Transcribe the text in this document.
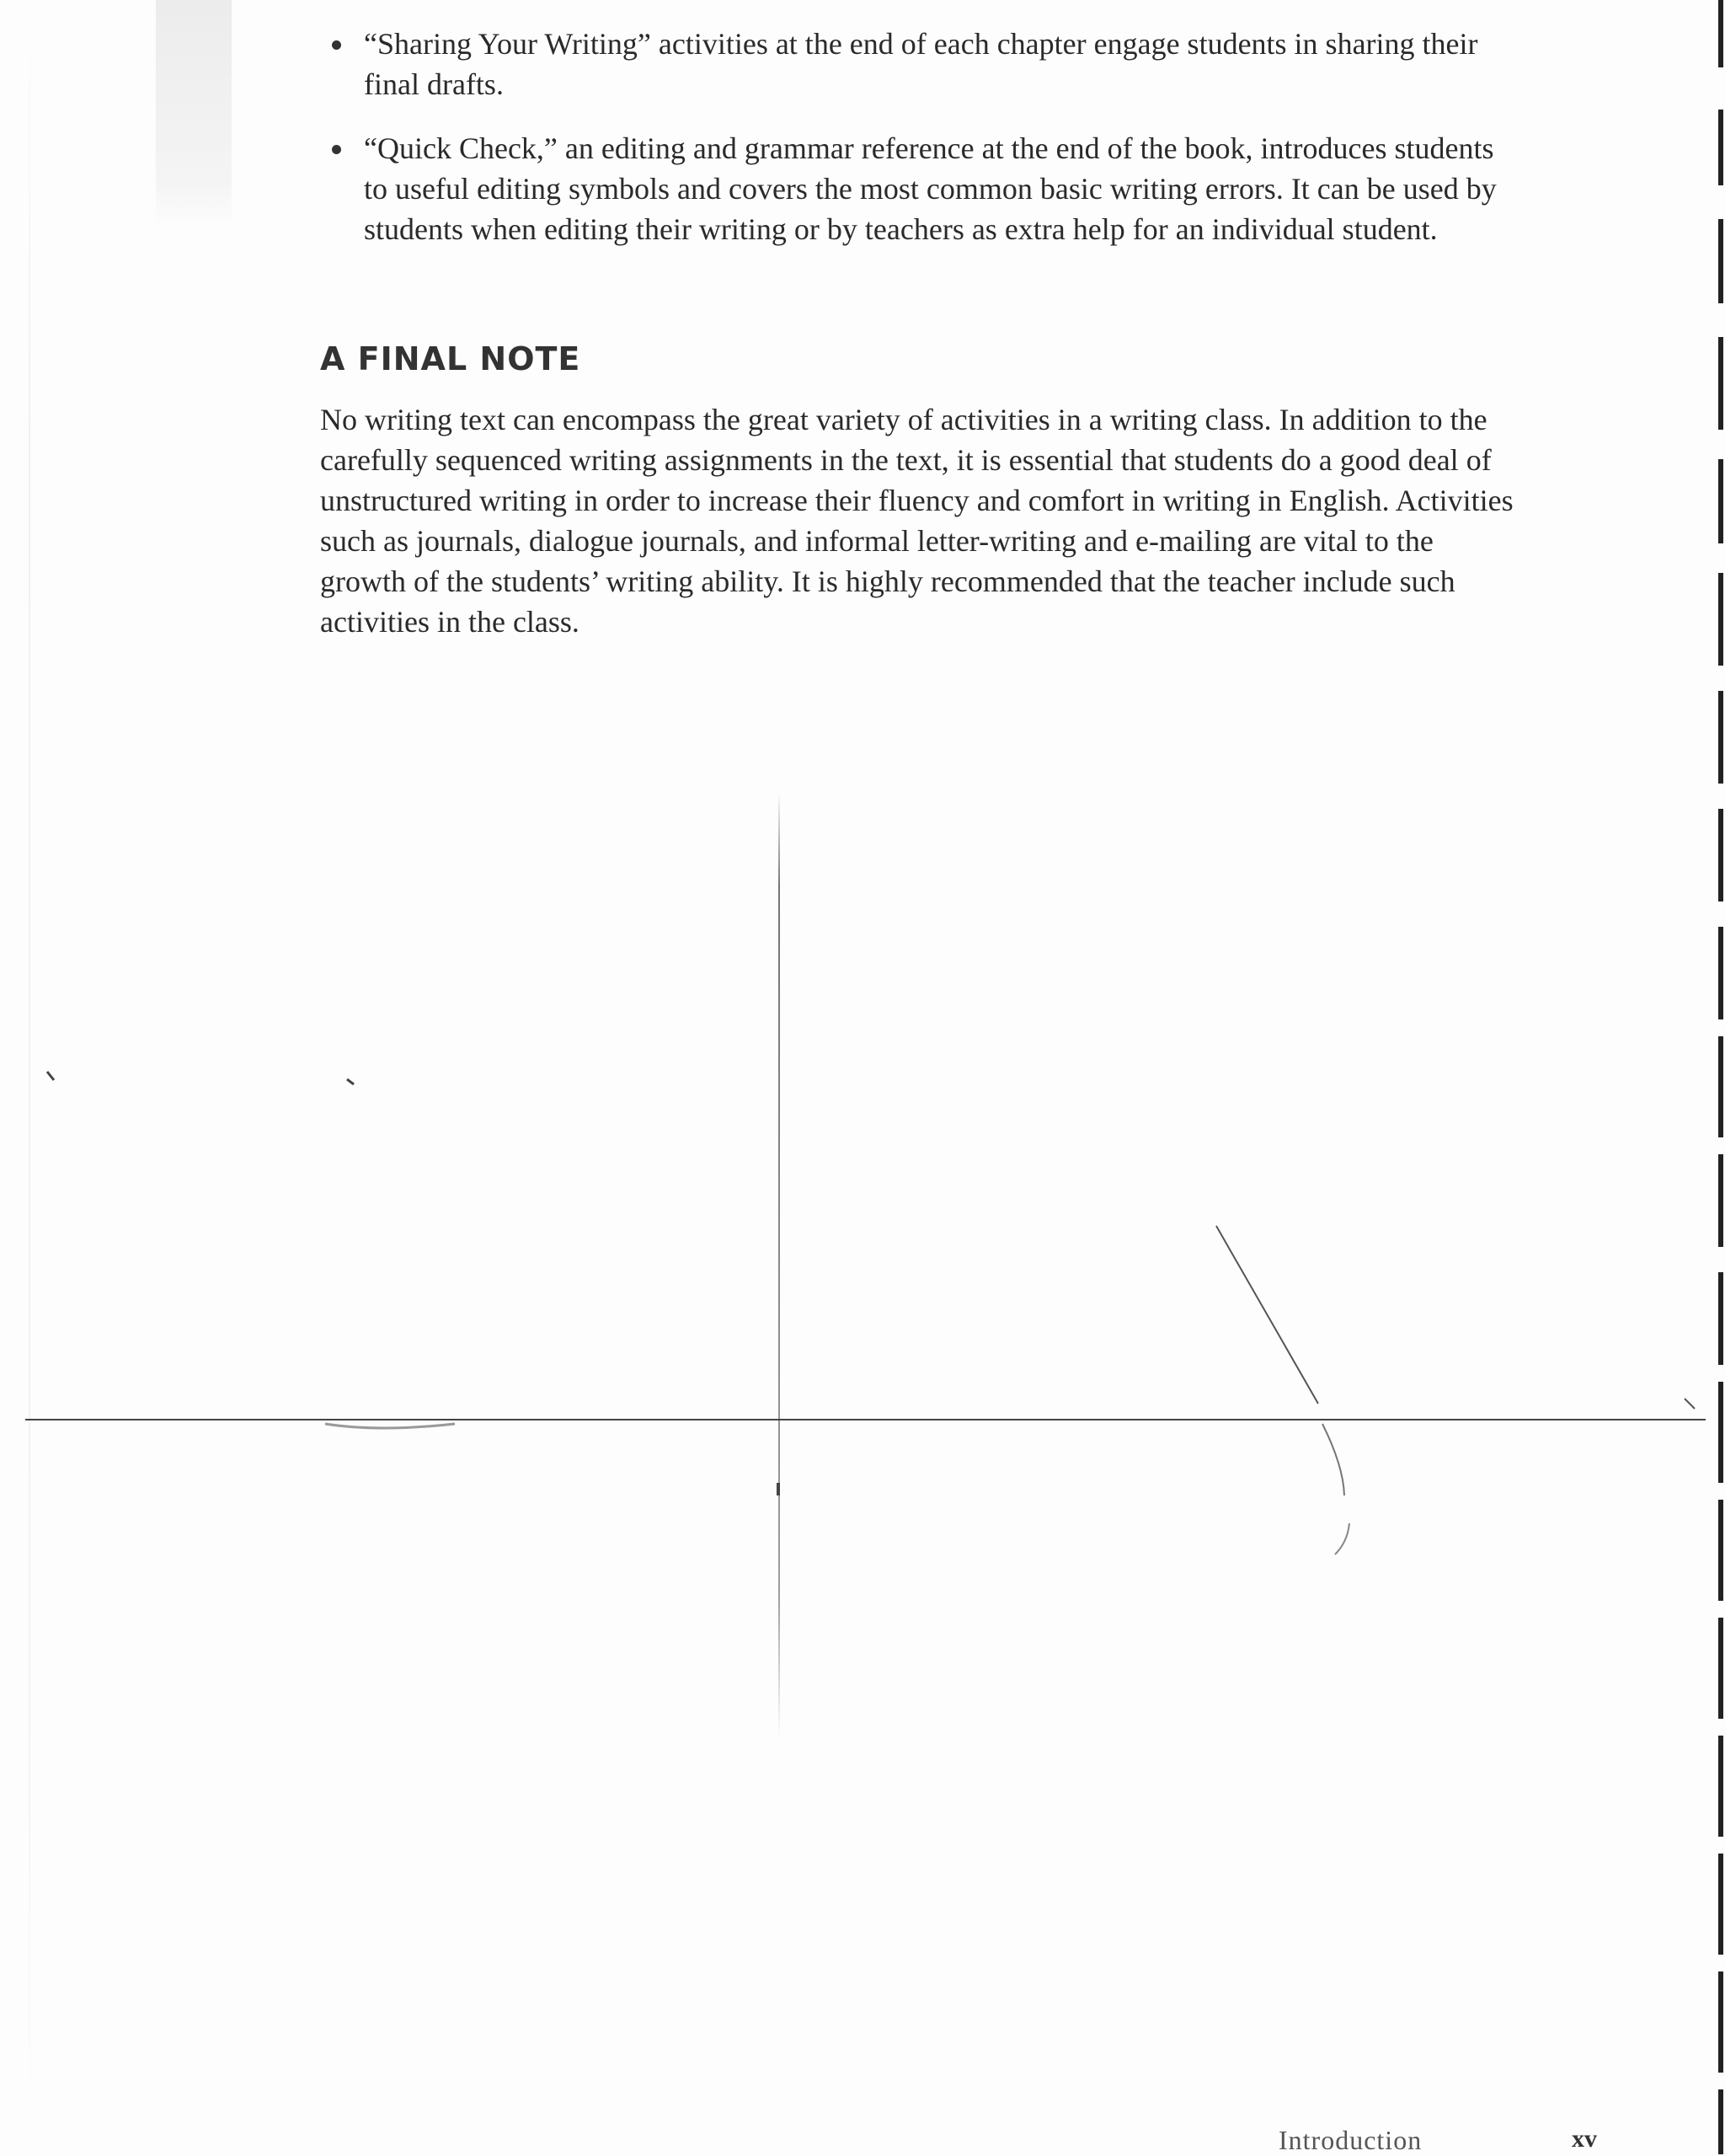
“Sharing Your Writing” activities at the end of each chapter engage students in sharing their final drafts.
“Quick Check,” an editing and grammar reference at the end of the book, introduces students to useful editing symbols and covers the most common basic writing errors. It can be used by students when editing their writing or by teachers as extra help for an individual student.
A FINAL NOTE

No writing text can encompass the great variety of activities in a writing class. In addition to the carefully sequenced writing assignments in the text, it is essential that students do a good deal of unstructured writing in order to increase their fluency and comfort in writing in English. Activities such as journals, dialogue journals, and informal letter-writing and e-mailing are vital to the growth of the students’ writing ability. It is highly recommended that the teacher include such activities in the class.

Introduction	xv
